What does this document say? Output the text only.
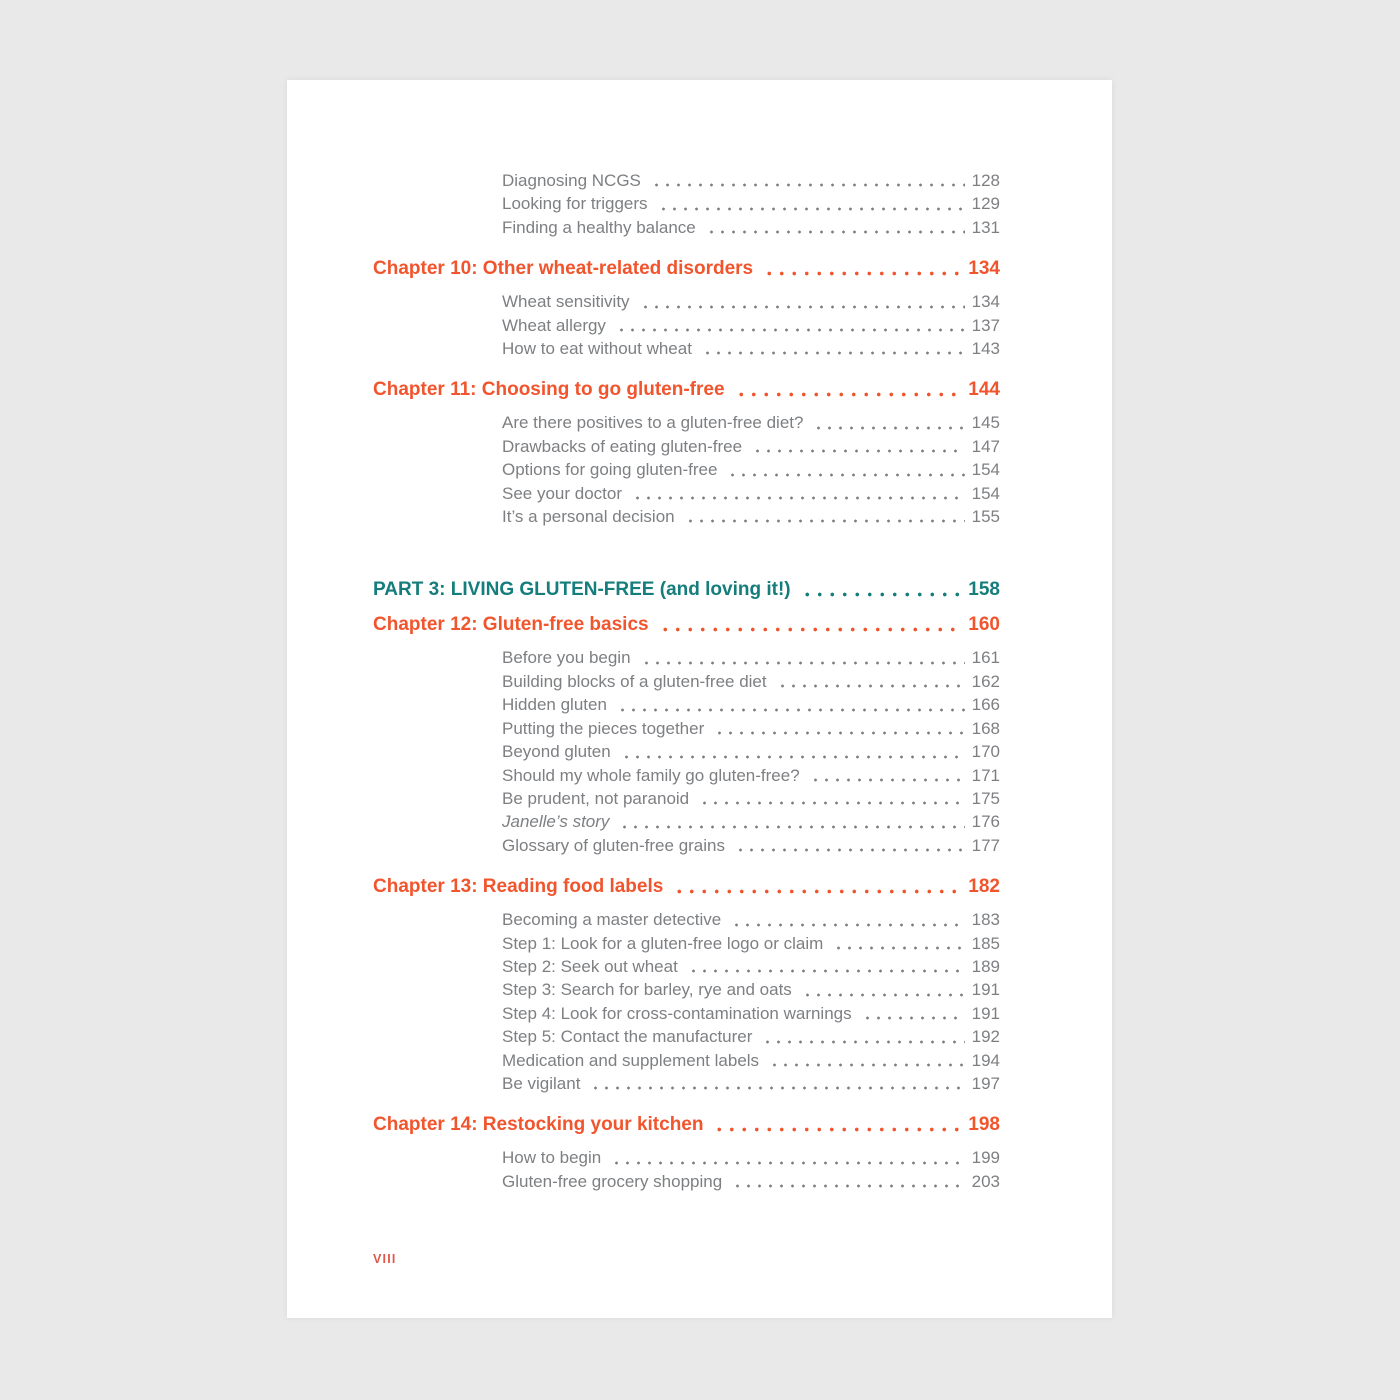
Diagnosing NCGS	128
Looking for triggers	129
Finding a healthy balance	131
Chapter 10: Other wheat-related disorders	134
Wheat sensitivity	134
Wheat allergy	137
How to eat without wheat	143
Chapter 11: Choosing to go gluten-free	144
Are there positives to a gluten-free diet?	145
Drawbacks of eating gluten-free	147
Options for going gluten-free	154
See your doctor	154
It’s a personal decision	155
PART 3: LIVING GLUTEN-FREE (and loving it!)	158
Chapter 12: Gluten-free basics	160
Before you begin	161
Building blocks of a gluten-free diet	162
Hidden gluten	166
Putting the pieces together	168
Beyond gluten	170
Should my whole family go gluten-free?	171
Be prudent, not paranoid	175
Janelle’s story	176
Glossary of gluten-free grains	177
Chapter 13: Reading food labels	182
Becoming a master detective	183
Step 1: Look for a gluten-free logo or claim	185
Step 2: Seek out wheat	189
Step 3: Search for barley, rye and oats	191
Step 4: Look for cross-contamination warnings	191
Step 5: Contact the manufacturer	192
Medication and supplement labels	194
Be vigilant	197
Chapter 14: Restocking your kitchen	198
How to begin	199
Gluten-free grocery shopping	203
VIII
